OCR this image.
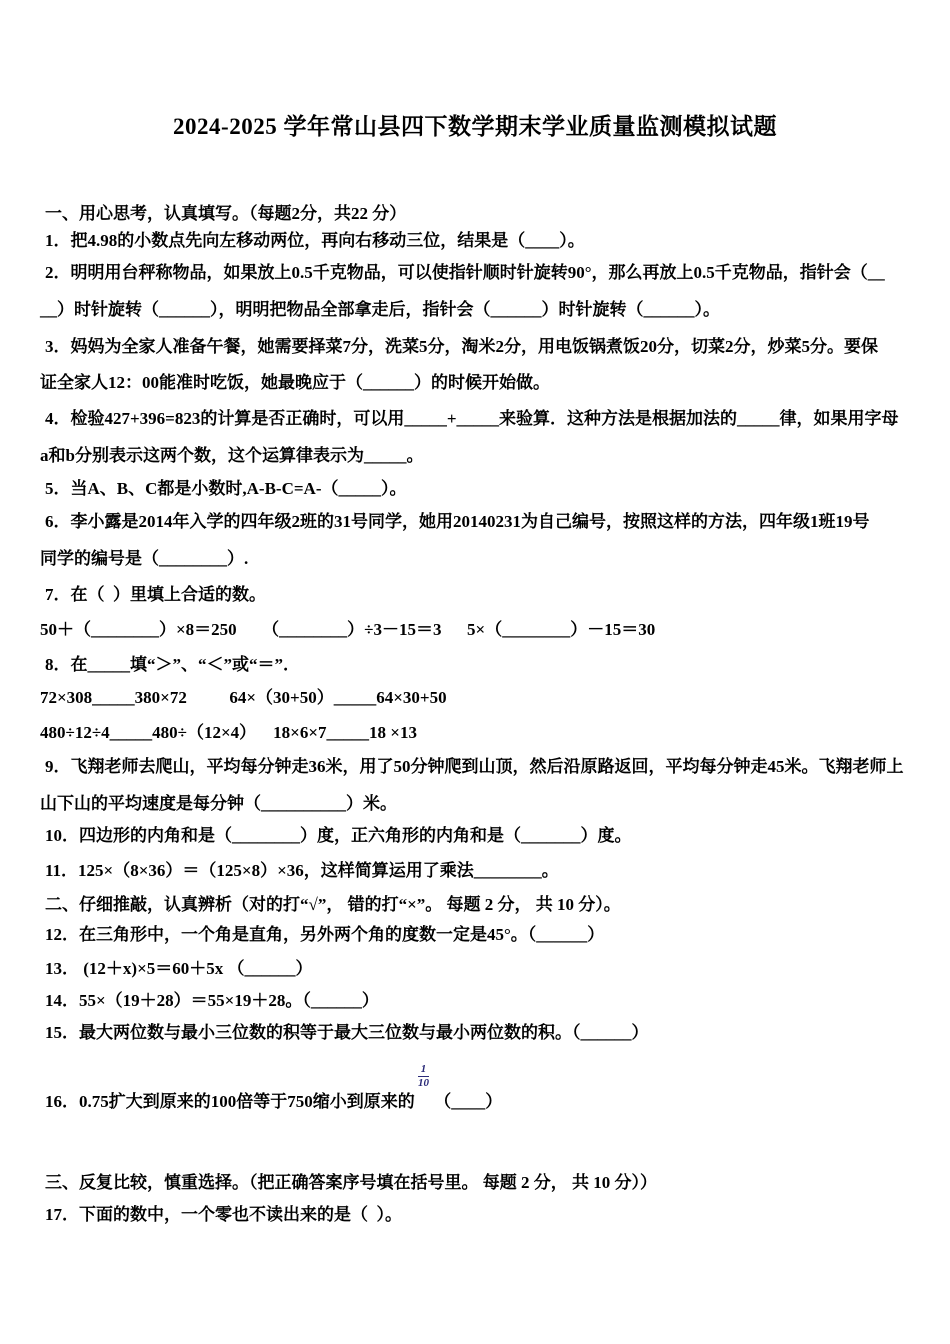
2024-2025 学年常山县四下数学期末学业质量监测模拟试题
一、用心思考，认真填写。（每题2分，共22 分）
1．把4.98的小数点先向左移动两位，再向右移动三位，结果是（____）。
2．明明用台秤称物品，如果放上0.5千克物品，可以使指针顺时针旋转90°，那么再放上0.5千克物品，指针会（__
__）时针旋转（______），明明把物品全部拿走后，指针会（______）时针旋转（______）。
3．妈妈为全家人准备午餐，她需要择菜7分，洗菜5分，淘米2分，用电饭锅煮饭20分，切菜2分，炒菜5分。要保
证全家人12：00能准时吃饭，她最晚应于（______）的时候开始做。
4．检验427+396=823的计算是否正确时，可以用_____+_____来验算．这种方法是根据加法的_____律，如果用字母
a和b分别表示这两个数，这个运算律表示为_____。
5．当A、B、C都是小数时,A-B-C=A-（_____）。
6．李小露是2014年入学的四年级2班的31号同学，她用20140231为自己编号，按照这样的方法，四年级1班19号
同学的编号是（________）.
7．在（  ）里填上合适的数。
50＋（________）×8＝250      （________）÷3－15＝3      5×（________）－15＝30
8．在_____填“＞”、“＜”或“＝”．
72×308_____380×72          64×（30+50）_____64×30+50
480÷12÷4_____480÷（12×4）    18×6×7_____18 ×13
9．飞翔老师去爬山，平均每分钟走36米，用了50分钟爬到山顶，然后沿原路返回，平均每分钟走45米。飞翔老师上
山下山的平均速度是每分钟（__________）米。
10．四边形的内角和是（________）度，正六角形的内角和是（_______）度。
11．125×（8×36）＝（125×8）×36，这样简算运用了乘法________。
二、仔细推敲，认真辨析（对的打“√”， 错的打“×”。 每题 2 分， 共 10 分）。
12．在三角形中，一个角是直角，另外两个角的度数一定是45°。（______）
13． (12＋x)×5＝60＋5x （______）
14．55×（19＋28）＝55×19＋28。（______）
15．最大两位数与最小三位数的积等于最大三位数与最小两位数的积。（______）
16．0.75扩大到原来的100倍等于750缩小到原来的
$\frac{1}{10}$
（____）
三、反复比较，慎重选择。（把正确答案序号填在括号里。 每题 2 分， 共 10 分））
17．下面的数中，一个零也不读出来的是（  ）。
